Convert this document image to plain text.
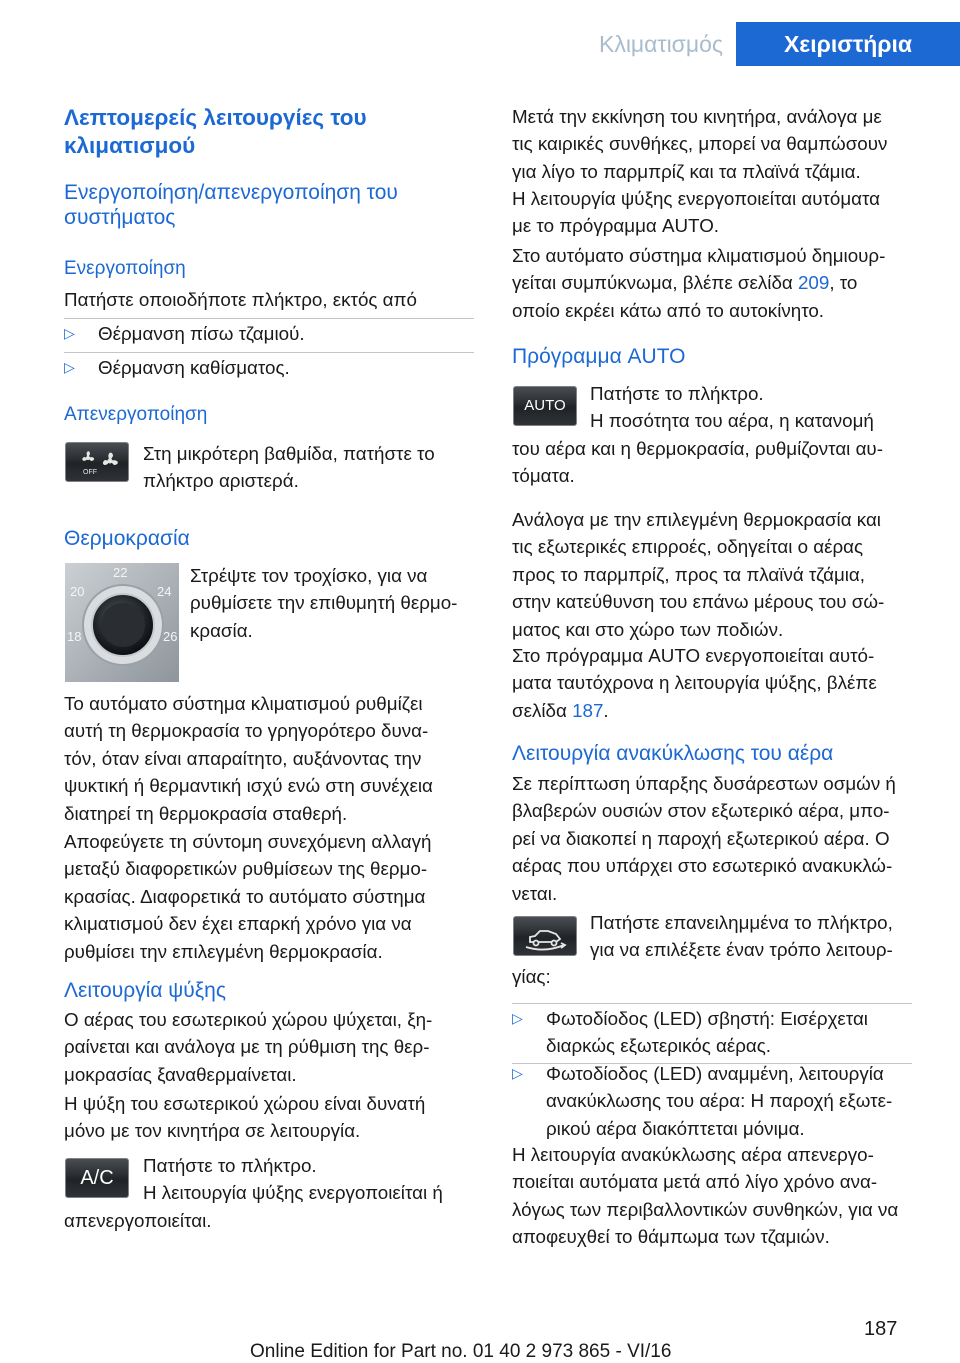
Κλιματισμός	Χειριστήρια
Λεπτομερείς λειτουργίες του
κλιματισμού
Ενεργοποίηση/απενεργοποίηση του
συστήματος
Ενεργοποίηση
Πατήστε οποιοδήποτε πλήκτρο, εκτός από
▷ Θέρμανση πίσω τζαμιού.
▷ Θέρμανση καθίσματος.
Απενεργοποίηση
OFF
Στη μικρότερη βαθμίδα, πατήστε το
πλήκτρο αριστερά.
Θερμοκρασία
22
20	24
18	26
Στρέψτε τον τροχίσκο, για να
ρυθμίσετε την επιθυμητή θερμο-
κρασία.
Το αυτόματο σύστημα κλιματισμού ρυθμίζει
αυτή τη θερμοκρασία το γρηγορότερο δυνα-
τόν, όταν είναι απαραίτητο, αυξάνοντας την
ψυκτική ή θερμαντική ισχύ ενώ στη συνέχεια
διατηρεί τη θερμοκρασία σταθερή.
Αποφεύγετε τη σύντομη συνεχόμενη αλλαγή
μεταξύ διαφορετικών ρυθμίσεων της θερμο-
κρασίας. Διαφορετικά το αυτόματο σύστημα
κλιματισμού δεν έχει επαρκή χρόνο για να
ρυθμίσει την επιλεγμένη θερμοκρασία.
Λειτουργία ψύξης
Ο αέρας του εσωτερικού χώρου ψύχεται, ξη-
ραίνεται και ανάλογα με τη ρύθμιση της θερ-
μοκρασίας ξαναθερμαίνεται.
Η ψύξη του εσωτερικού χώρου είναι δυνατή
μόνο με τον κινητήρα σε λειτουργία.
A/C
Πατήστε το πλήκτρο.
Η λειτουργία ψύξης ενεργοποιείται ή
απενεργοποιείται.
Μετά την εκκίνηση του κινητήρα, ανάλογα με
τις καιρικές συνθήκες, μπορεί να θαμπώσουν
για λίγο το παρμπρίζ και τα πλαϊνά τζάμια.
Η λειτουργία ψύξης ενεργοποιείται αυτόματα
με το πρόγραμμα AUTO.
Στο αυτόματο σύστημα κλιματισμού δημιουρ-
γείται συμπύκνωμα, βλέπε σελίδα 209, το
οποίο εκρέει κάτω από το αυτοκίνητο.
Πρόγραμμα AUTO
AUTO
Πατήστε το πλήκτρο.
Η ποσότητα του αέρα, η κατανομή
του αέρα και η θερμοκρασία, ρυθμίζονται αυ-
τόματα.
Ανάλογα με την επιλεγμένη θερμοκρασία και
τις εξωτερικές επιρροές, οδηγείται ο αέρας
προς το παρμπρίζ, προς τα πλαϊνά τζάμια,
στην κατεύθυνση του επάνω μέρους του σώ-
ματος και στο χώρο των ποδιών.
Στο πρόγραμμα AUTO ενεργοποιείται αυτό-
ματα ταυτόχρονα η λειτουργία ψύξης, βλέπε
σελίδα 187.
Λειτουργία ανακύκλωσης του αέρα
Σε περίπτωση ύπαρξης δυσάρεστων οσμών ή
βλαβερών ουσιών στον εξωτερικό αέρα, μπο-
ρεί να διακοπεί η παροχή εξωτερικού αέρα. Ο
αέρας που υπάρχει στο εσωτερικό ανακυκλώ-
νεται.
Πατήστε επανειλημμένα το πλήκτρο,
για να επιλέξετε έναν τρόπο λειτουρ-
γίας:
▷ Φωτοδίοδος (LED) σβηστή: Εισέρχεται
διαρκώς εξωτερικός αέρας.
▷ Φωτοδίοδος (LED) αναμμένη, λειτουργία
ανακύκλωσης του αέρα: Η παροχή εξωτε-
ρικού αέρα διακόπτεται μόνιμα.
Η λειτουργία ανακύκλωσης αέρα απενεργο-
ποιείται αυτόματα μετά από λίγο χρόνο ανα-
λόγως των περιβαλλοντικών συνθηκών, για να
αποφευχθεί το θάμπωμα των τζαμιών.
187
Online Edition for Part no. 01 40 2 973 865 - VI/16
